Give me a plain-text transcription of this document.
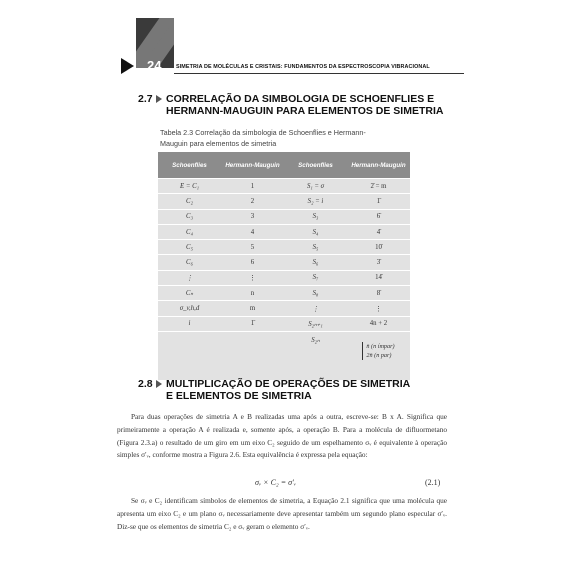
24	SIMETRIA DE MOLÉCULAS E CRISTAIS: FUNDAMENTOS DA ESPECTROSCOPIA VIBRACIONAL
2.7 CORRELAÇÃO DA SIMBOLOGIA DE SCHOENFLIES E
HERMANN-MAUGUIN PARA ELEMENTOS DE SIMETRIA
Tabela 2.3 Correlação da simbologia de Schoenflies e Hermann-
Mauguin para elementos de simetria
Schoenflies	Hermann-Mauguin	Schoenflies	Hermann-Mauguin
E = C₁	1	S₁ = σ	2̄ = m
C₂	2	S₂ = i	1̄
C₃	3	S₃	6̄
C₄	4	S₄	4̄
C₅	5	S₅	10̄
C₆	6	S₆	3̄
⋮	⋮	S₇	14̄
Cₙ	n	S₈	8̄
σ_v,h,d	m	⋮	⋮
i	1̄	S₂ₙ₊₁	4n + 2
		S₂ₙ	n̄ (n ímpar)
2n̄ (n par)
2.8 MULTIPLICAÇÃO DE OPERAÇÕES DE SIMETRIA
E ELEMENTOS DE SIMETRIA
Para duas operações de simetria A e B realizadas uma após a outra, escreve-se: B x A. Significa que primeiramente a operação A é realizada e, somente após, a operação B. Para a molécula de difluormetano (Figura 2.3.a) o resultado de um giro em um eixo C₂ seguido de um espelhamento σᵥ é equivalente à operação simples σ′ᵥ, conforme mostra a Figura 2.6. Esta equivalência é expressa pela equação:
σᵥ × C₂ = σ′ᵥ	(2.1)
Se σᵥ e C₂ identificam símbolos de elementos de simetria, a Equação 2.1 significa que uma molécula que apresenta um eixo C₂ e um plano σᵥ necessariamente deve apresentar também um segundo plano especular σ′ᵥ. Diz-se que os elementos de simetria C₂ e σᵥ geram o elemento σ′ᵥ.
